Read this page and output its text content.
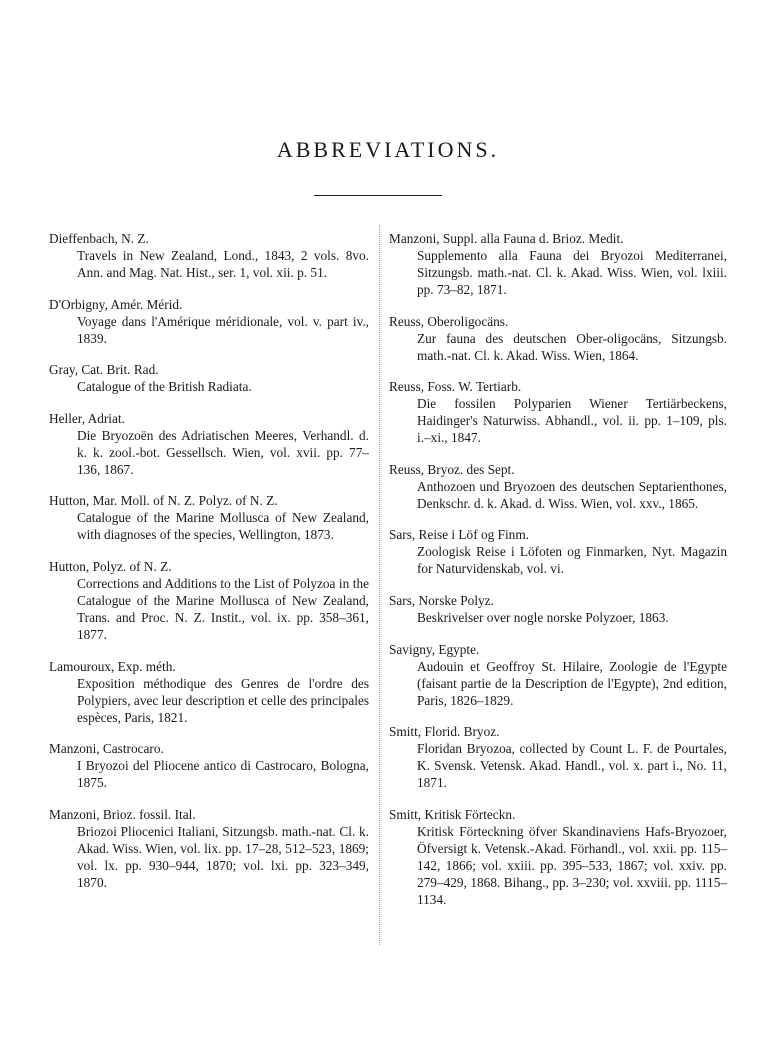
ABBREVIATIONS.
Dieffenbach, N. Z.
Travels in New Zealand, Lond., 1843, 2 vols. 8vo. Ann. and Mag. Nat. Hist., ser. 1, vol. xii. p. 51.
D'Orbigny, Amér. Mérid.
Voyage dans l'Amérique méridionale, vol. v. part iv., 1839.
Gray, Cat. Brit. Rad.
Catalogue of the British Radiata.
Heller, Adriat.
Die Bryozoën des Adriatischen Meeres, Verhandl. d. k. k. zool.-bot. Gessellsch. Wien, vol. xvii. pp. 77–136, 1867.
Hutton, Mar. Moll. of N. Z. Polyz. of N. Z.
Catalogue of the Marine Mollusca of New Zealand, with diagnoses of the species, Wellington, 1873.
Hutton, Polyz. of N. Z.
Corrections and Additions to the List of Polyzoa in the Catalogue of the Marine Mollusca of New Zealand, Trans. and Proc. N. Z. Instit., vol. ix. pp. 358–361, 1877.
Lamouroux, Exp. méth.
Exposition méthodique des Genres de l'ordre des Polypiers, avec leur description et celle des principales espèces, Paris, 1821.
Manzoni, Castrocaro.
I Bryozoi del Pliocene antico di Castrocaro, Bologna, 1875.
Manzoni, Brioz. fossil. Ital.
Briozoi Pliocenici Italiani, Sitzungsb. math.-nat. Cl. k. Akad. Wiss. Wien, vol. lix. pp. 17–28, 512–523, 1869; vol. lx. pp. 930–944, 1870; vol. lxi. pp. 323–349, 1870.
Manzoni, Suppl. alla Fauna d. Brioz. Medit.
Supplemento alla Fauna dei Bryozoi Mediterranei, Sitzungsb. math.-nat. Cl. k. Akad. Wiss. Wien, vol. lxiii. pp. 73–82, 1871.
Reuss, Oberoligocäns.
Zur fauna des deutschen Ober-oligocäns, Sitzungsb. math.-nat. Cl. k. Akad. Wiss. Wien, 1864.
Reuss, Foss. W. Tertiarb.
Die fossilen Polyparien Wiener Tertiärbeckens, Haidinger's Naturwiss. Abhandl., vol. ii. pp. 1–109, pls. i.–xi., 1847.
Reuss, Bryoz. des Sept.
Anthozoen und Bryozoen des deutschen Septarienthones, Denkschr. d. k. Akad. d. Wiss. Wien, vol. xxv., 1865.
Sars, Reise i Löf og Finm.
Zoologisk Reise i Löfoten og Finmarken, Nyt. Magazin for Naturvidenskab, vol. vi.
Sars, Norske Polyz.
Beskrivelser over nogle norske Polyzoer, 1863.
Savigny, Egypte.
Audouin et Geoffroy St. Hilaire, Zoologie de l'Egypte (faisant partie de la Description de l'Egypte), 2nd edition, Paris, 1826–1829.
Smitt, Florid. Bryoz.
Floridan Bryozoa, collected by Count L. F. de Pourtales, K. Svensk. Vetensk. Akad. Handl., vol. x. part i., No. 11, 1871.
Smitt, Kritisk Förteckn.
Kritisk Förteckning öfver Skandinaviens Hafs-Bryozoer, Öfversigt k. Vetensk.-Akad. Förhandl., vol. xxii. pp. 115–142, 1866; vol. xxiii. pp. 395–533, 1867; vol. xxiv. pp. 279–429, 1868. Bihang., pp. 3–230; vol. xxviii. pp. 1115–1134.
